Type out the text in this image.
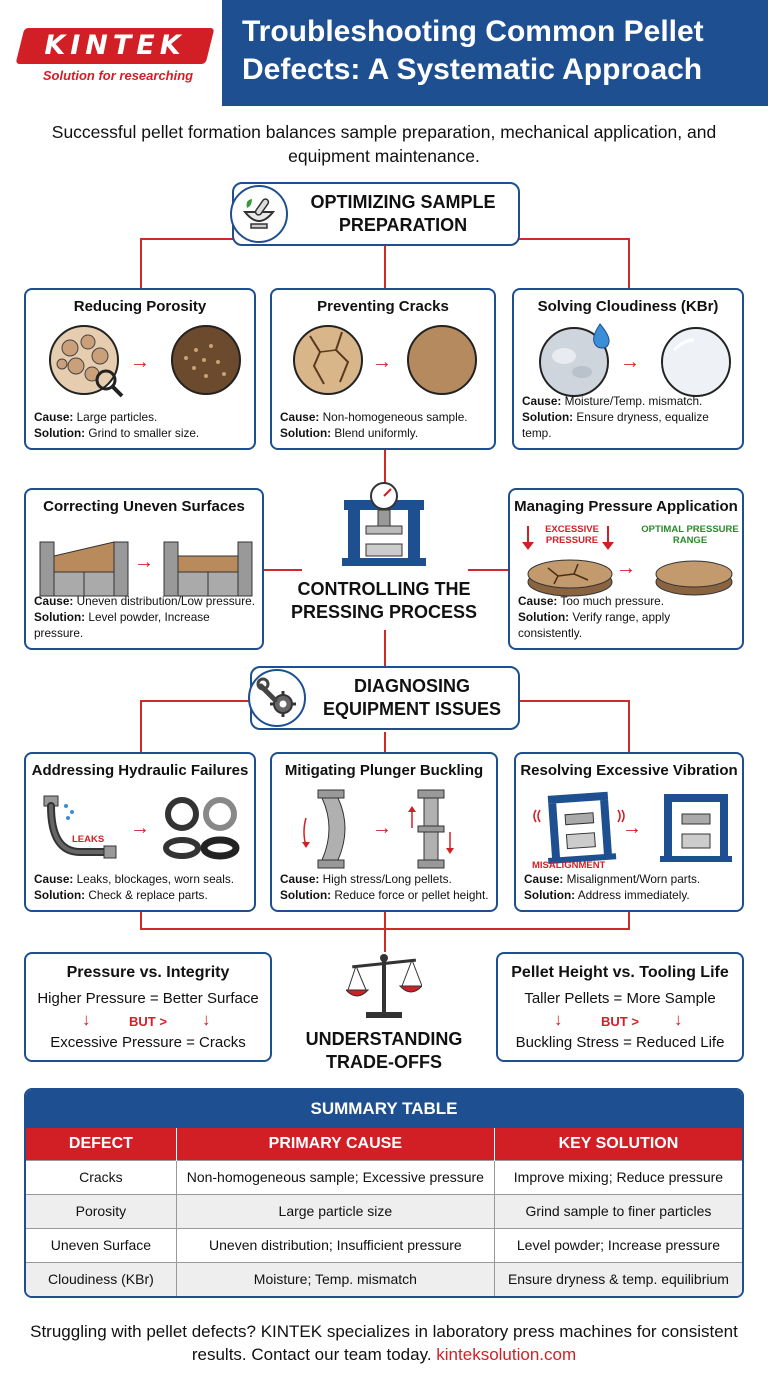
KINTEK
Solution for researching
Troubleshooting Common Pellet Defects: A Systematic Approach
Successful pellet formation balances sample preparation, mechanical application, and equipment maintenance.
OPTIMIZING SAMPLE PREPARATION
Reducing Porosity
→
Cause: Large particles.
Solution: Grind to smaller size.
Preventing Cracks
→
Cause: Non-homogeneous sample.
Solution: Blend uniformly.
Solving Cloudiness (KBr)
→
Cause: Moisture/Temp. mismatch.
Solution: Ensure dryness, equalize temp.
CONTROLLING THE PRESSING PROCESS
Correcting Uneven Surfaces
→
Cause: Uneven distribution/Low pressure.
Solution: Level powder, Increase pressure.
Managing Pressure Application
EXCESSIVE PRESSURE
OPTIMAL PRESSURE RANGE
→
Cause: Too much pressure.
Solution: Verify range, apply consistently.
DIAGNOSING EQUIPMENT ISSUES
Addressing Hydraulic Failures
LEAKS
→
Cause: Leaks, blockages, worn seals.
Solution: Check & replace parts.
Mitigating Plunger Buckling
→
Cause: High stress/Long pellets.
Solution: Reduce force or pellet height.
Resolving Excessive Vibration
MISALIGNMENT
→
Cause: Misalignment/Worn parts.
Solution: Address immediately.
UNDERSTANDING TRADE-OFFS
Pressure vs. Integrity
Higher Pressure = Better Surface
↓	BUT >	↓
Excessive Pressure = Cracks
Pellet Height vs. Tooling Life
Taller Pellets = More Sample
↓	BUT >	↓
Buckling Stress = Reduced Life
SUMMARY TABLE
DEFECT	PRIMARY CAUSE	KEY SOLUTION
Cracks	Non-homogeneous sample; Excessive pressure	Improve mixing; Reduce pressure
Porosity	Large particle size	Grind sample to finer particles
Uneven Surface	Uneven distribution; Insufficient pressure	Level powder; Increase pressure
Cloudiness (KBr)	Moisture; Temp. mismatch	Ensure dryness & temp. equilibrium
Struggling with pellet defects? KINTEK specializes in laboratory press machines for consistent results. Contact our team today. kinteksolution.com
